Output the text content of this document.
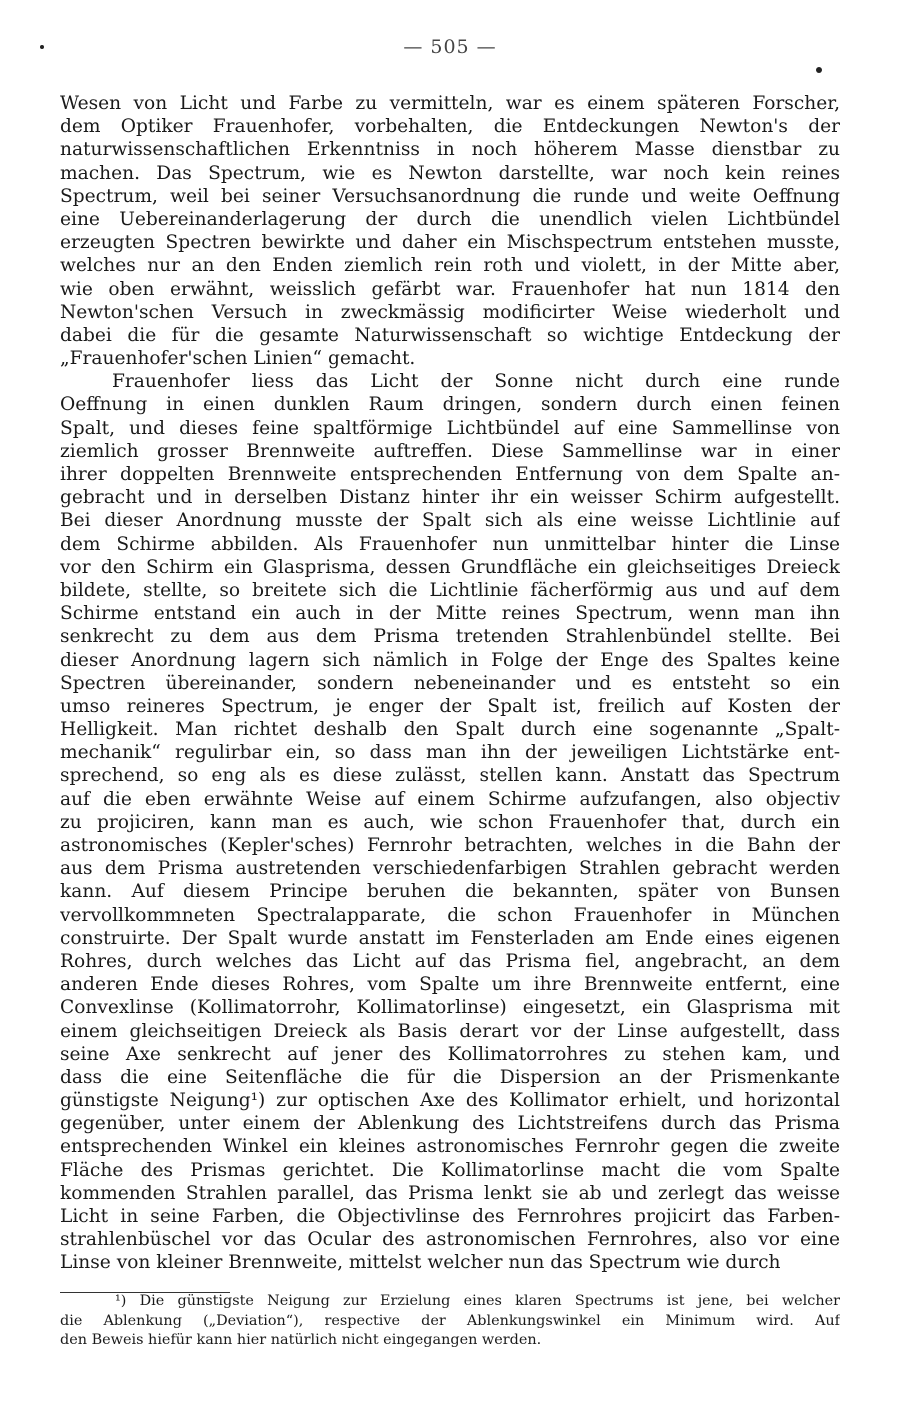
— 505 —
Wesen von Licht und Farbe zu vermitteln, war es einem späteren Forscher,
dem Optiker Frauenhofer, vorbehalten, die Entdeckungen Newton's der
naturwissenschaftlichen Erkenntniss in noch höherem Masse dienstbar zu
machen. Das Spectrum, wie es Newton darstellte, war noch kein reines
Spectrum, weil bei seiner Versuchsanordnung die runde und weite Oeffnung
eine Uebereinanderlagerung der durch die unendlich vielen Lichtbündel
erzeugten Spectren bewirkte und daher ein Mischspectrum entstehen musste,
welches nur an den Enden ziemlich rein roth und violett, in der Mitte aber,
wie oben erwähnt, weisslich gefärbt war. Frauenhofer hat nun 1814 den
Newton'schen Versuch in zweckmässig modificirter Weise wiederholt und
dabei die für die gesamte Naturwissenschaft so wichtige Entdeckung der
„Frauenhofer'schen Linien“ gemacht.
Frauenhofer liess das Licht der Sonne nicht durch eine runde
Oeffnung in einen dunklen Raum dringen, sondern durch einen feinen
Spalt, und dieses feine spaltförmige Lichtbündel auf eine Sammellinse von
ziemlich grosser Brennweite auftreffen. Diese Sammellinse war in einer
ihrer doppelten Brennweite entsprechenden Entfernung von dem Spalte an-
gebracht und in derselben Distanz hinter ihr ein weisser Schirm aufgestellt.
Bei dieser Anordnung musste der Spalt sich als eine weisse Lichtlinie auf
dem Schirme abbilden. Als Frauenhofer nun unmittelbar hinter die Linse
vor den Schirm ein Glasprisma, dessen Grundfläche ein gleichseitiges Dreieck
bildete, stellte, so breitete sich die Lichtlinie fächerförmig aus und auf dem
Schirme entstand ein auch in der Mitte reines Spectrum, wenn man ihn
senkrecht zu dem aus dem Prisma tretenden Strahlenbündel stellte. Bei
dieser Anordnung lagern sich nämlich in Folge der Enge des Spaltes keine
Spectren übereinander, sondern nebeneinander und es entsteht so ein
umso reineres Spectrum, je enger der Spalt ist, freilich auf Kosten der
Helligkeit. Man richtet deshalb den Spalt durch eine sogenannte „Spalt-
mechanik“ regulirbar ein, so dass man ihn der jeweiligen Lichtstärke ent-
sprechend, so eng als es diese zulässt, stellen kann. Anstatt das Spectrum
auf die eben erwähnte Weise auf einem Schirme aufzufangen, also objectiv
zu projiciren, kann man es auch, wie schon Frauenhofer that, durch ein
astronomisches (Kepler'sches) Fernrohr betrachten, welches in die Bahn der
aus dem Prisma austretenden verschiedenfarbigen Strahlen gebracht werden
kann. Auf diesem Principe beruhen die bekannten, später von Bunsen
vervollkommneten Spectralapparate, die schon Frauenhofer in München
construirte. Der Spalt wurde anstatt im Fensterladen am Ende eines eigenen
Rohres, durch welches das Licht auf das Prisma fiel, angebracht, an dem
anderen Ende dieses Rohres, vom Spalte um ihre Brennweite entfernt, eine
Convexlinse (Kollimatorrohr, Kollimatorlinse) eingesetzt, ein Glasprisma mit
einem gleichseitigen Dreieck als Basis derart vor der Linse aufgestellt, dass
seine Axe senkrecht auf jener des Kollimatorrohres zu stehen kam, und
dass die eine Seitenfläche die für die Dispersion an der Prismenkante
günstigste Neigung¹) zur optischen Axe des Kollimator erhielt, und horizontal
gegenüber, unter einem der Ablenkung des Lichtstreifens durch das Prisma
entsprechenden Winkel ein kleines astronomisches Fernrohr gegen die zweite
Fläche des Prismas gerichtet. Die Kollimatorlinse macht die vom Spalte
kommenden Strahlen parallel, das Prisma lenkt sie ab und zerlegt das weisse
Licht in seine Farben, die Objectivlinse des Fernrohres projicirt das Farben-
strahlenbüschel vor das Ocular des astronomischen Fernrohres, also vor eine
Linse von kleiner Brennweite, mittelst welcher nun das Spectrum wie durch
¹) Die günstigste Neigung zur Erzielung eines klaren Spectrums ist jene, bei welcher
die Ablenkung („Deviation“), respective der Ablenkungswinkel ein Minimum wird. Auf
den Beweis hiefür kann hier natürlich nicht eingegangen werden.
